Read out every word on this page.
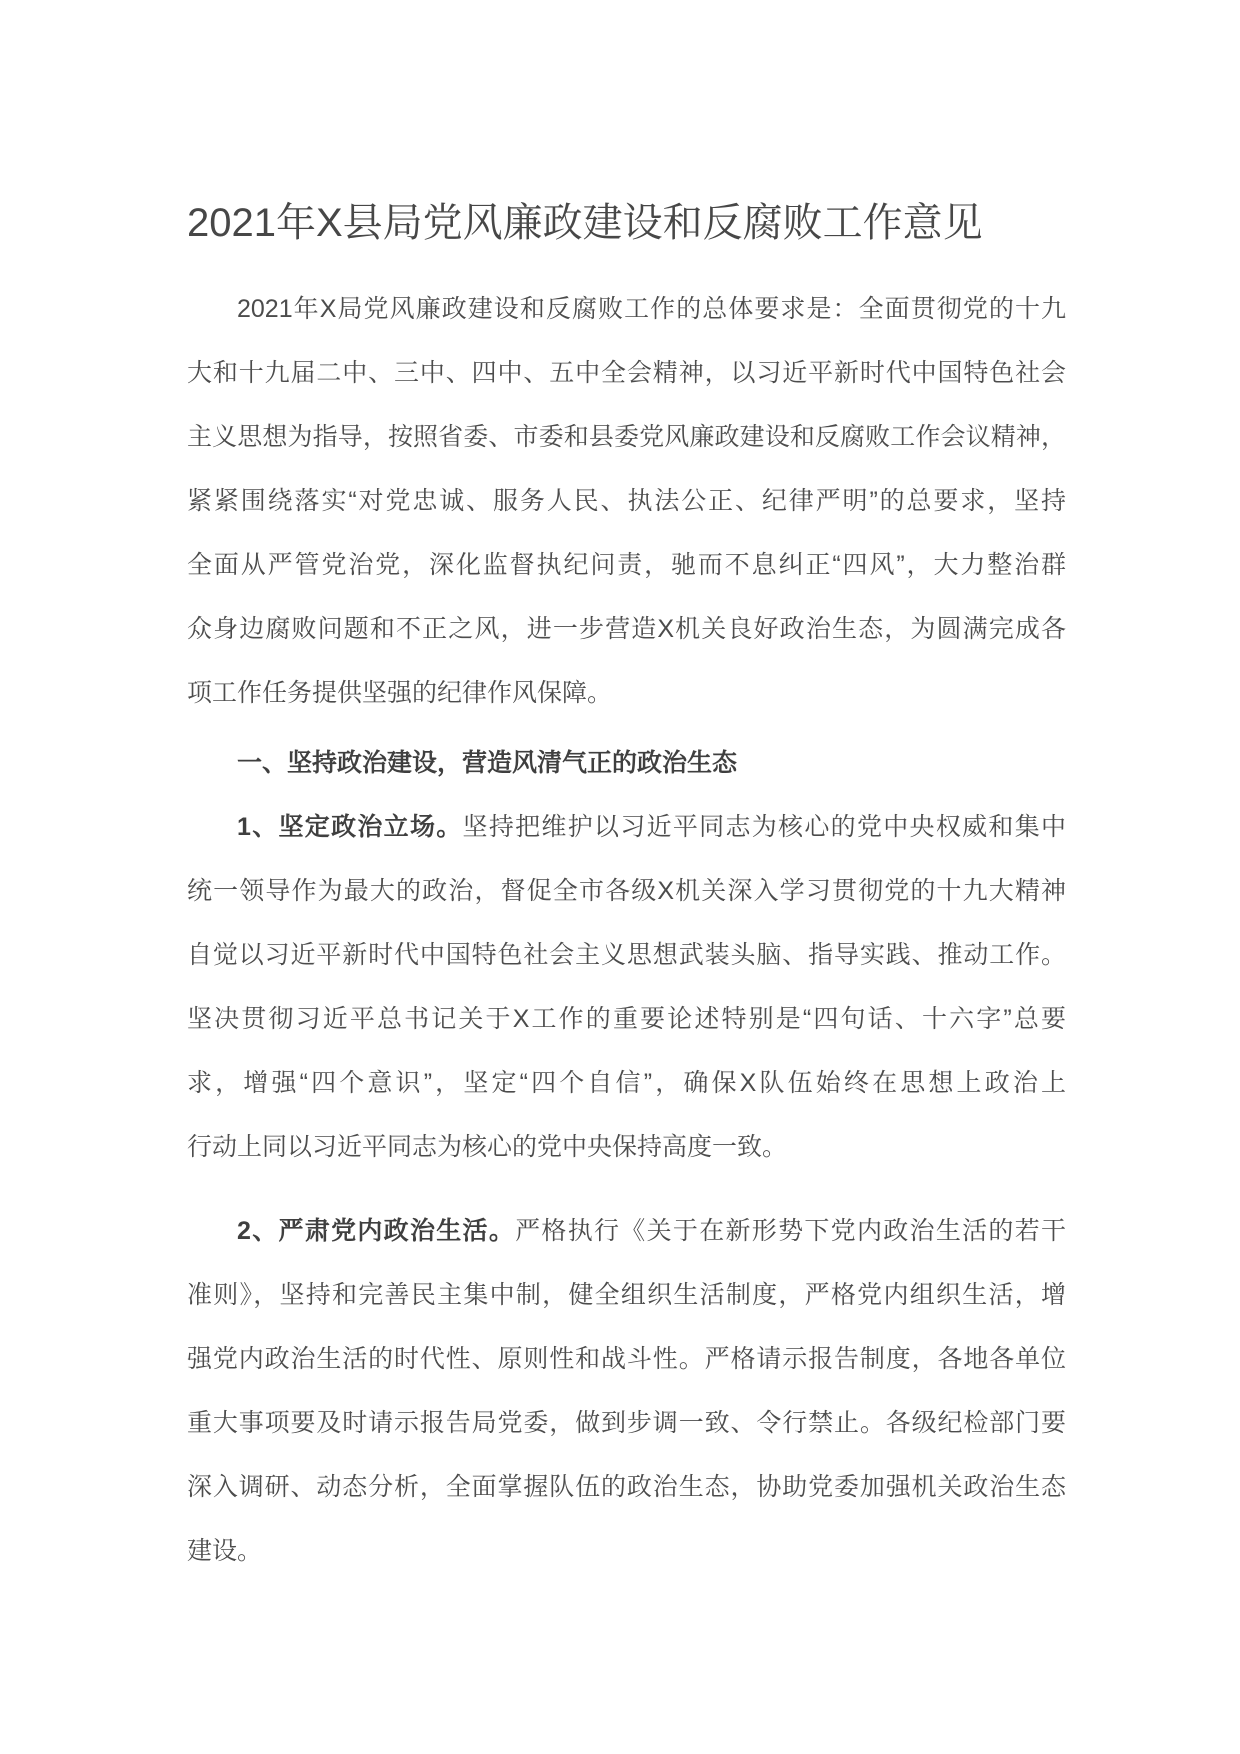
2021年X县局党风廉政建设和反腐败工作意见
2021年X局党风廉政建设和反腐败工作的总体要求是：全面贯彻党的十九
大和十九届二中、三中、四中、五中全会精神，以习近平新时代中国特色社会
主义思想为指导，按照省委、市委和县委党风廉政建设和反腐败工作会议精神，
紧紧围绕落实“对党忠诚、服务人民、执法公正、纪律严明”的总要求，坚持
全面从严管党治党，深化监督执纪问责，驰而不息纠正“四风”，大力整治群
众身边腐败问题和不正之风，进一步营造X机关良好政治生态，为圆满完成各
项工作任务提供坚强的纪律作风保障。
一、坚持政治建设，营造风清气正的政治生态
1、坚定政治立场。坚持把维护以习近平同志为核心的党中央权威和集中
统一领导作为最大的政治，督促全市各级X机关深入学习贯彻党的十九大精神
自觉以习近平新时代中国特色社会主义思想武装头脑、指导实践、推动工作。
坚决贯彻习近平总书记关于X工作的重要论述特别是“四句话、十六字”总要
求，增强“四个意识”，坚定“四个自信”，确保X队伍始终在思想上政治上
行动上同以习近平同志为核心的党中央保持高度一致。
2、严肃党内政治生活。严格执行《关于在新形势下党内政治生活的若干
准则》，坚持和完善民主集中制，健全组织生活制度，严格党内组织生活，增
强党内政治生活的时代性、原则性和战斗性。严格请示报告制度，各地各单位
重大事项要及时请示报告局党委，做到步调一致、令行禁止。各级纪检部门要
深入调研、动态分析，全面掌握队伍的政治生态，协助党委加强机关政治生态
建设。
